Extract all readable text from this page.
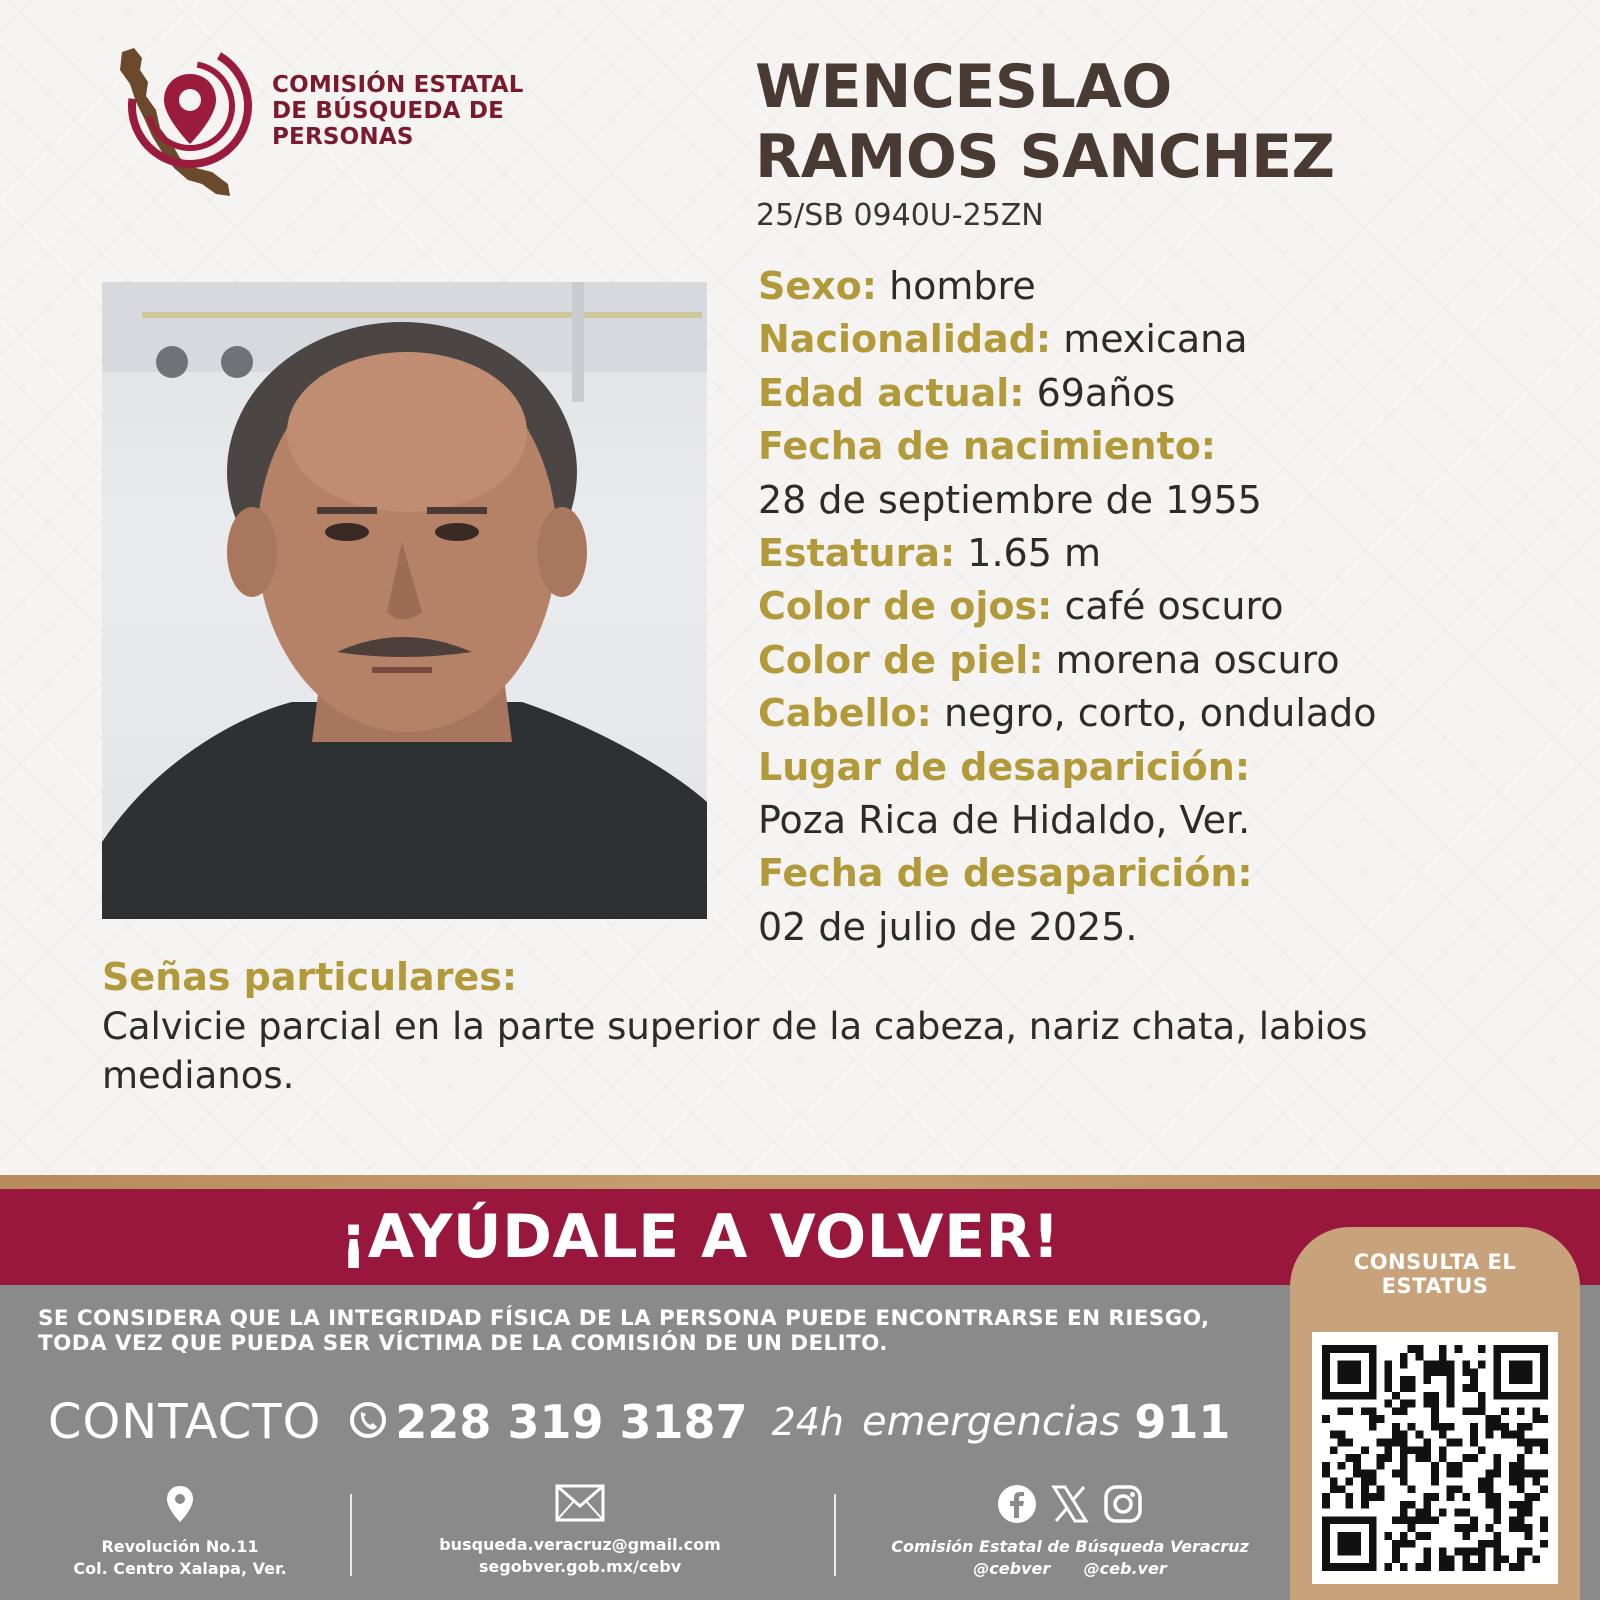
COMISIÓN ESTATAL
DE BÚSQUEDA DE
PERSONAS
WENCESLAO
RAMOS SANCHEZ
25/SB 0940U-25ZN
Sexo: hombre
Nacionalidad: mexicana
Edad actual: 69años
Fecha de nacimiento:
28 de septiembre de 1955
Estatura: 1.65 m
Color de ojos: café oscuro
Color de piel: morena oscuro
Cabello: negro, corto, ondulado
Lugar de desaparición:
Poza Rica de Hidaldo, Ver.
Fecha de desaparición:
02 de julio de 2025.
Señas particulares:
Calvicie parcial en la parte superior de la cabeza, nariz chata, labios medianos.
¡AYÚDALE A VOLVER!
SE CONSIDERA QUE LA INTEGRIDAD FÍSICA DE LA PERSONA PUEDE ENCONTRARSE EN RIESGO,
TODA VEZ QUE PUEDA SER VÍCTIMA DE LA COMISIÓN DE UN DELITO.
CONTACTO 228 319 3187 24h emergencias 911
Revolución No.11
Col. Centro Xalapa, Ver.
busqueda.veracruz@gmail.com
segobver.gob.mx/cebv
Comisión Estatal de Búsqueda Veracruz
@cebver @ceb.ver
CONSULTA EL
ESTATUS
